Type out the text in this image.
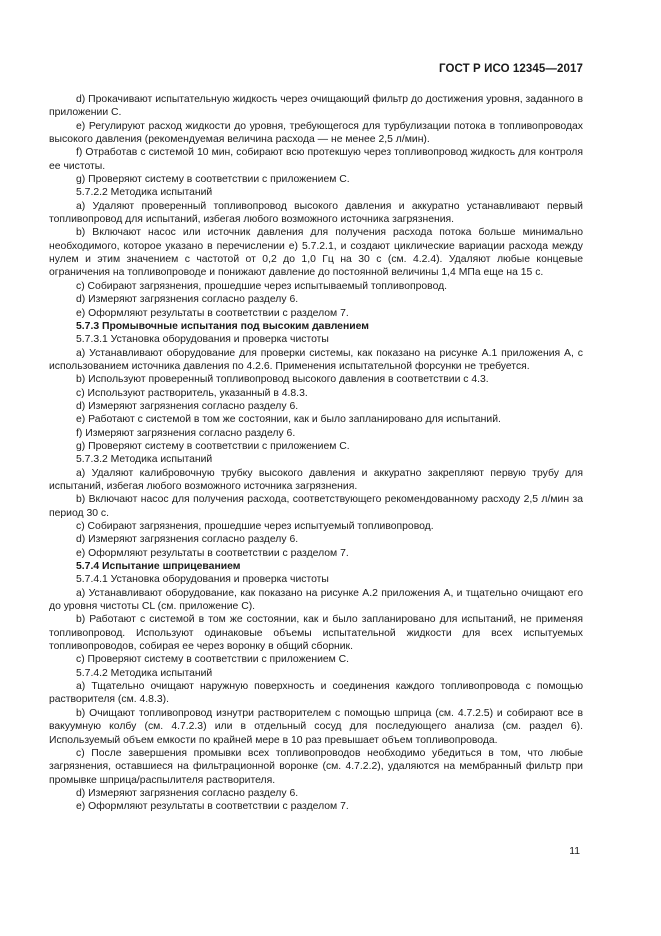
ГОСТ Р ИСО 12345—2017

d) Прокачивают испытательную жидкость через очищающий фильтр до достижения уровня, заданного в приложении С.

e) Регулируют расход жидкости до уровня, требующегося для турбулизации потока в топливопроводах высокого давления (рекомендуемая величина расхода — не менее 2,5 л/мин).

f) Отработав с системой 10 мин, собирают всю протекшую через топливопровод жидкость для контроля ее чистоты.

g) Проверяют систему в соответствии с приложением С.

5.7.2.2 Методика испытаний

a) Удаляют проверенный топливопровод высокого давления и аккуратно устанавливают первый топливопровод для испытаний, избегая любого возможного источника загрязнения.

b) Включают насос или источник давления для получения расхода потока больше минимально необходимого, которое указано в перечислении е) 5.7.2.1, и создают циклические вариации расхода между нулем и этим значением с частотой от 0,2 до 1,0 Гц на 30 с (см. 4.2.4). Удаляют любые концевые ограничения на топливопроводе и понижают давление до постоянной величины 1,4 МПа еще на 15 с.

c) Собирают загрязнения, прошедшие через испытываемый топливопровод.

d) Измеряют загрязнения согласно разделу 6.

e) Оформляют результаты в соответствии с разделом 7.

5.7.3 Промывочные испытания под высоким давлением

5.7.3.1 Установка оборудования и проверка чистоты

a) Устанавливают оборудование для проверки системы, как показано на рисунке А.1 приложения А, с использованием источника давления по 4.2.6. Применения испытательной форсунки не требуется.

b) Используют проверенный топливопровод высокого давления в соответствии с 4.3.

c) Используют растворитель, указанный в 4.8.3.

d) Измеряют загрязнения согласно разделу 6.

e) Работают с системой в том же состоянии, как и было запланировано для испытаний.

f) Измеряют загрязнения согласно разделу 6.

g) Проверяют систему в соответствии с приложением С.

5.7.3.2 Методика испытаний

a) Удаляют калибровочную трубку высокого давления и аккуратно закрепляют первую трубу для испытаний, избегая любого возможного источника загрязнения.

b) Включают насос для получения расхода, соответствующего рекомендованному расходу 2,5 л/мин за период 30 с.

c) Собирают загрязнения, прошедшие через испытуемый топливопровод.

d) Измеряют загрязнения согласно разделу 6.

e) Оформляют результаты в соответствии с разделом 7.

5.7.4 Испытание шприцеванием

5.7.4.1 Установка оборудования и проверка чистоты

a) Устанавливают оборудование, как показано на рисунке А.2 приложения А, и тщательно очищают его до уровня чистоты CL (см. приложение С).

b) Работают с системой в том же состоянии, как и было запланировано для испытаний, не применяя топливопровод. Используют одинаковые объемы испытательной жидкости для всех испытуемых топливопроводов, собирая ее через воронку в общий сборник.

c) Проверяют систему в соответствии с приложением С.

5.7.4.2 Методика испытаний

a) Тщательно очищают наружную поверхность и соединения каждого топливопровода с помощью растворителя (см. 4.8.3).

b) Очищают топливопровод изнутри растворителем с помощью шприца (см. 4.7.2.5) и собирают все в вакуумную колбу (см. 4.7.2.3) или в отдельный сосуд для последующего анализа (см. раздел 6). Используемый объем емкости по крайней мере в 10 раз превышает объем топливопровода.

c) После завершения промывки всех топливопроводов необходимо убедиться в том, что любые загрязнения, оставшиеся на фильтрационной воронке (см. 4.7.2.2), удаляются на мембранный фильтр при промывке шприца/распылителя растворителя.

d) Измеряют загрязнения согласно разделу 6.

e) Оформляют результаты в соответствии с разделом 7.

11
